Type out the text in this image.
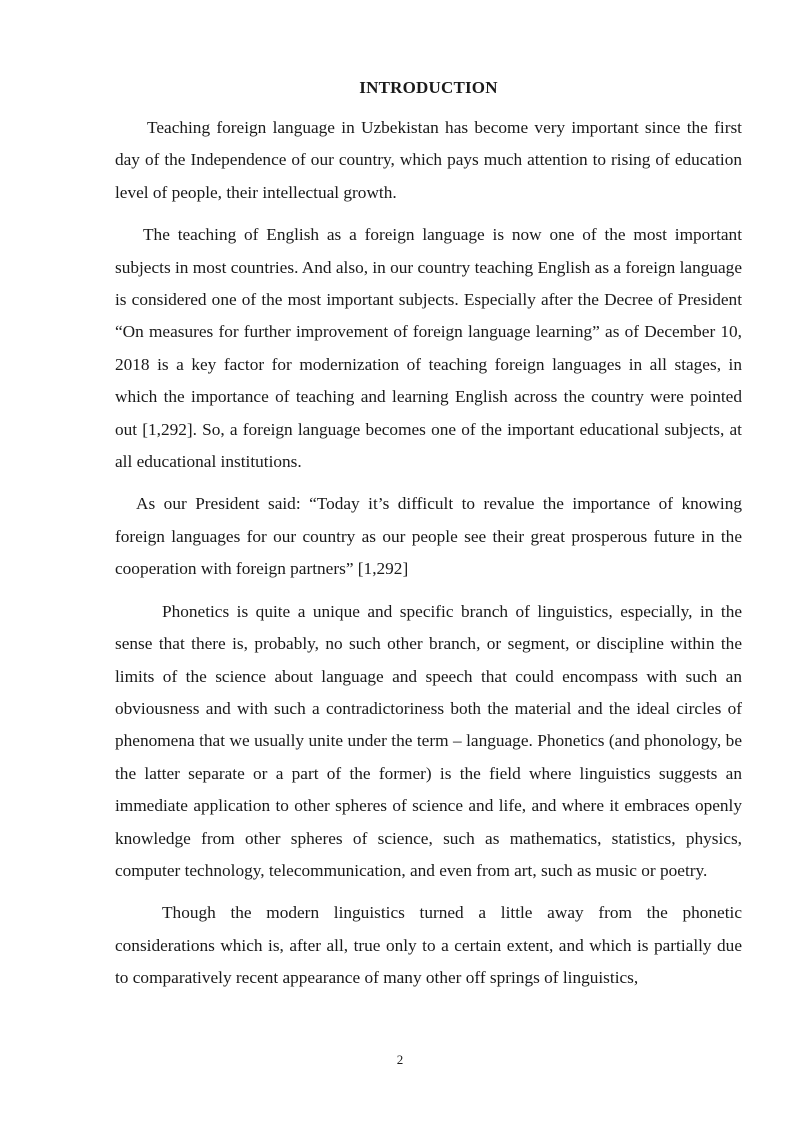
INTRODUCTION

Teaching foreign language in Uzbekistan has become very important since the first day of the Independence of our country, which pays much attention to rising of education level of people, their intellectual growth.

The teaching of English as a foreign language is now one of the most important subjects in most countries. And also, in our country teaching English as a foreign language is considered one of the most important subjects. Especially after the Decree of President “On measures for further improvement of foreign language learning” as of December 10, 2018 is a key factor for modernization of teaching foreign languages in all stages, in which the importance of teaching and learning English across the country were pointed out [1,292]. So, a foreign language becomes one of the important educational subjects, at all educational institutions.

As our President said: “Today it’s difficult to revalue the importance of knowing foreign languages for our country as our people see their great prosperous future in the cooperation with foreign partners” [1,292]

Phonetics is quite a unique and specific branch of linguistics, especially, in the sense that there is, probably, no such other branch, or segment, or discipline within the limits of the science about language and speech that could encompass with such an obviousness and with such a contradictoriness both the material and the ideal circles of phenomena that we usually unite under the term – language. Phonetics (and phonology, be the latter separate or a part of the former) is the field where linguistics suggests an immediate application to other spheres of science and life, and where it embraces openly knowledge from other spheres of science, such as mathematics, statistics, physics, computer technology, telecommunication, and even from art, such as music or poetry.

Though the modern linguistics turned a little away from the phonetic considerations which is, after all, true only to a certain extent, and which is partially due to comparatively recent appearance of many other off springs of linguistics,

2
